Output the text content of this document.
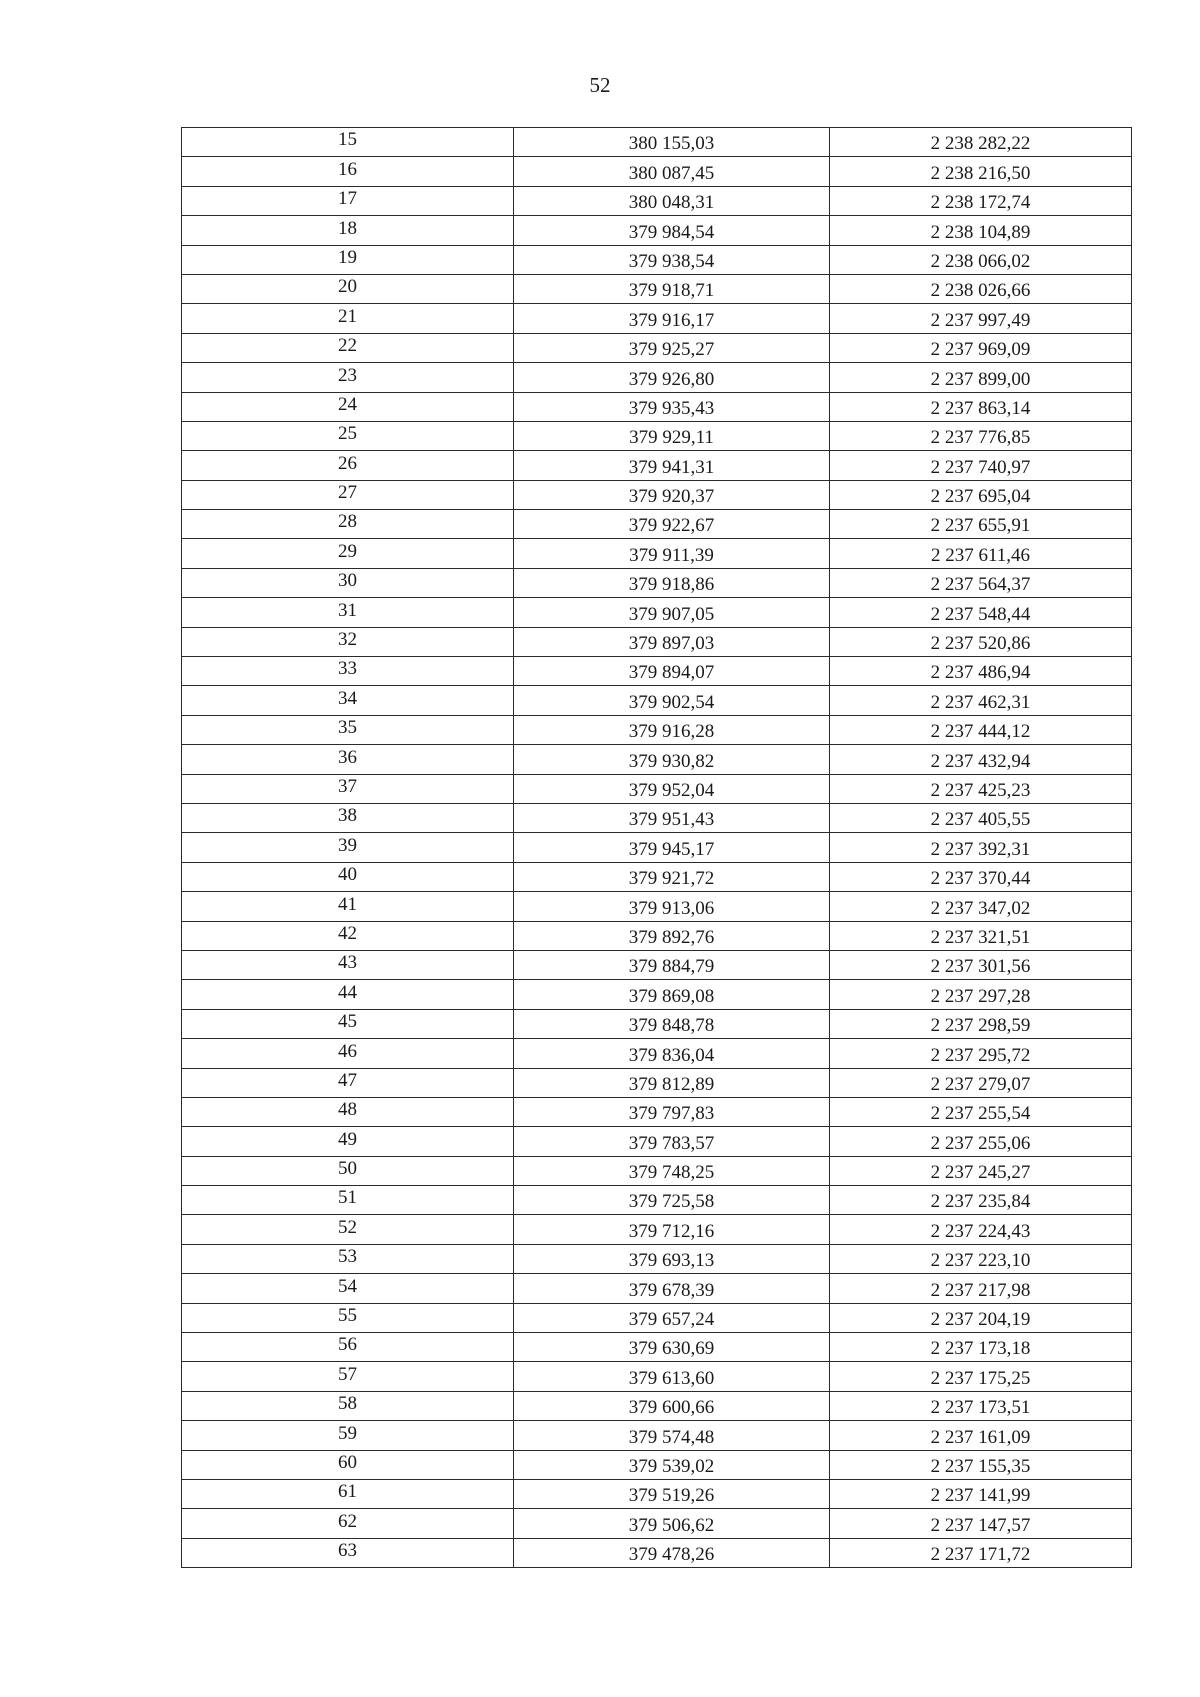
52
15	380 155,03	2 238 282,22
16	380 087,45	2 238 216,50
17	380 048,31	2 238 172,74
18	379 984,54	2 238 104,89
19	379 938,54	2 238 066,02
20	379 918,71	2 238 026,66
21	379 916,17	2 237 997,49
22	379 925,27	2 237 969,09
23	379 926,80	2 237 899,00
24	379 935,43	2 237 863,14
25	379 929,11	2 237 776,85
26	379 941,31	2 237 740,97
27	379 920,37	2 237 695,04
28	379 922,67	2 237 655,91
29	379 911,39	2 237 611,46
30	379 918,86	2 237 564,37
31	379 907,05	2 237 548,44
32	379 897,03	2 237 520,86
33	379 894,07	2 237 486,94
34	379 902,54	2 237 462,31
35	379 916,28	2 237 444,12
36	379 930,82	2 237 432,94
37	379 952,04	2 237 425,23
38	379 951,43	2 237 405,55
39	379 945,17	2 237 392,31
40	379 921,72	2 237 370,44
41	379 913,06	2 237 347,02
42	379 892,76	2 237 321,51
43	379 884,79	2 237 301,56
44	379 869,08	2 237 297,28
45	379 848,78	2 237 298,59
46	379 836,04	2 237 295,72
47	379 812,89	2 237 279,07
48	379 797,83	2 237 255,54
49	379 783,57	2 237 255,06
50	379 748,25	2 237 245,27
51	379 725,58	2 237 235,84
52	379 712,16	2 237 224,43
53	379 693,13	2 237 223,10
54	379 678,39	2 237 217,98
55	379 657,24	2 237 204,19
56	379 630,69	2 237 173,18
57	379 613,60	2 237 175,25
58	379 600,66	2 237 173,51
59	379 574,48	2 237 161,09
60	379 539,02	2 237 155,35
61	379 519,26	2 237 141,99
62	379 506,62	2 237 147,57
63	379 478,26	2 237 171,72
